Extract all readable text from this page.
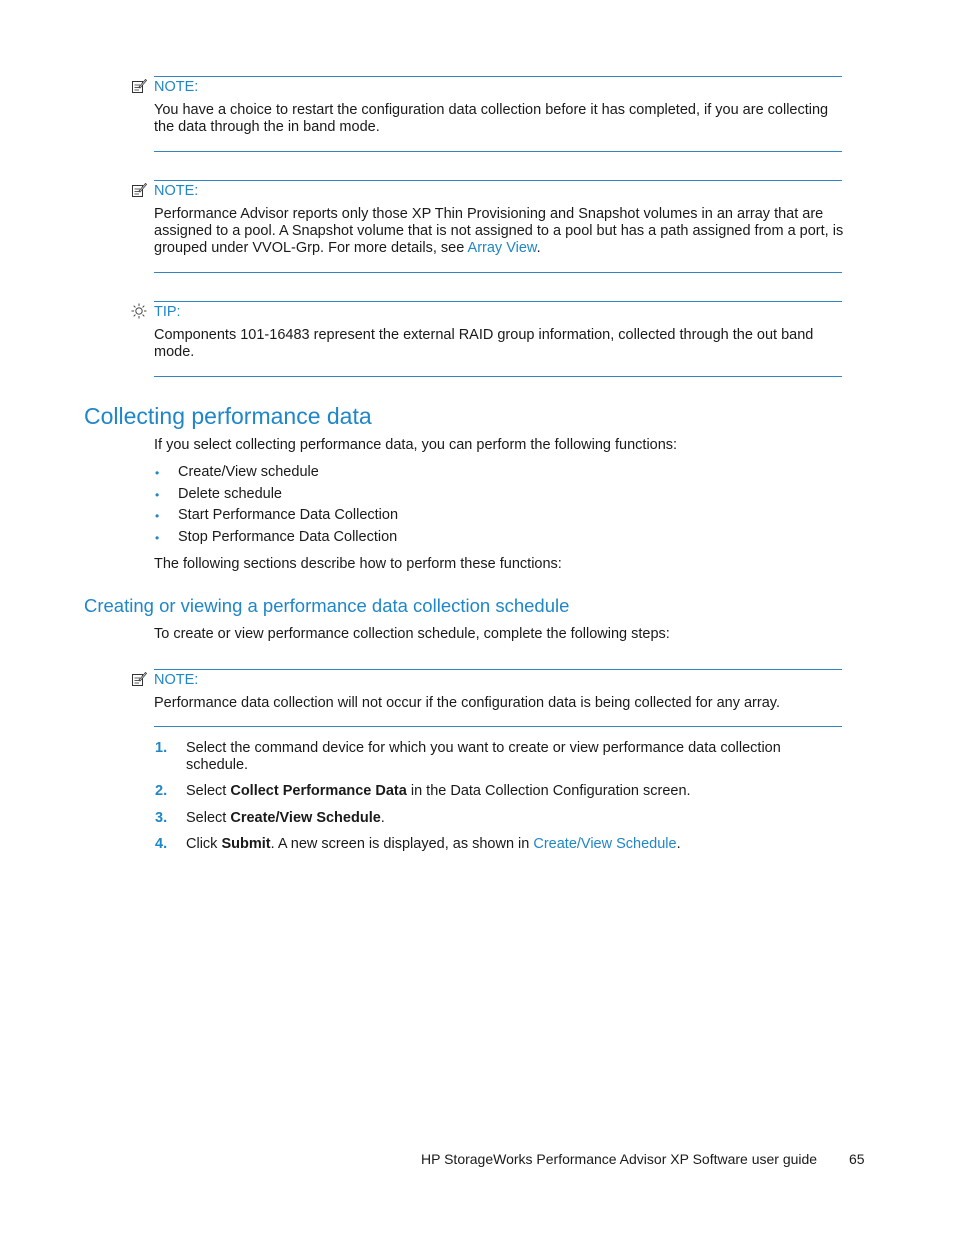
NOTE:
You have a choice to restart the configuration data collection before it has completed, if you are collecting the data through the in band mode.
NOTE:
Performance Advisor reports only those XP Thin Provisioning and Snapshot volumes in an array that are assigned to a pool. A Snapshot volume that is not assigned to a pool but has a path assigned from a port, is grouped under VVOL-Grp. For more details, see Array View.
TIP:
Components 101-16483 represent the external RAID group information, collected through the out band mode.
Collecting performance data
If you select collecting performance data, you can perform the following functions:
• Create/View schedule
• Delete schedule
• Start Performance Data Collection
• Stop Performance Data Collection
The following sections describe how to perform these functions:
Creating or viewing a performance data collection schedule
To create or view performance collection schedule, complete the following steps:
NOTE:
Performance data collection will not occur if the configuration data is being collected for any array.
1. Select the command device for which you want to create or view performance data collection schedule.
2. Select Collect Performance Data in the Data Collection Configuration screen.
3. Select Create/View Schedule.
4. Click Submit. A new screen is displayed, as shown in Create/View Schedule.
HP StorageWorks Performance Advisor XP Software user guide 65
